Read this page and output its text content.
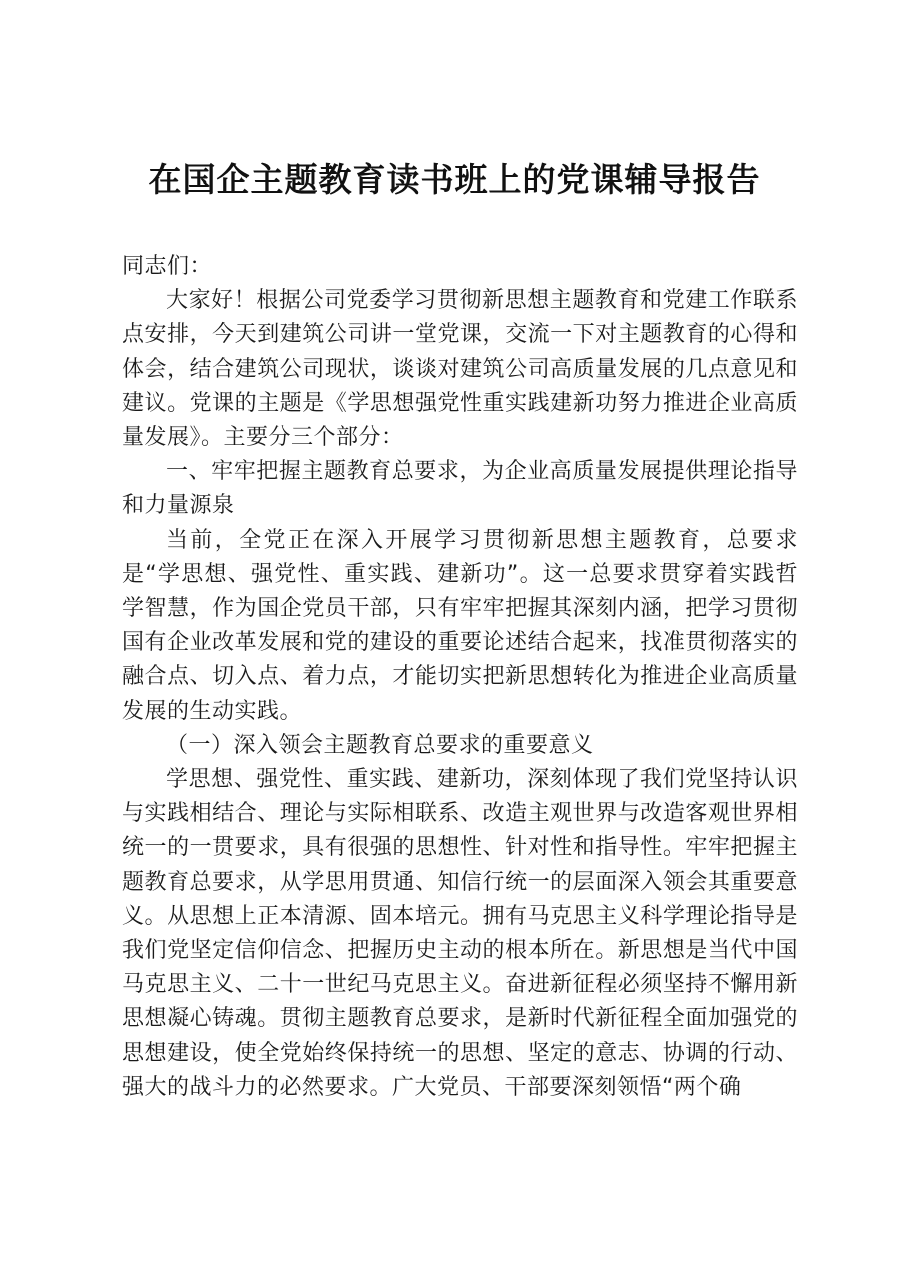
在国企主题教育读书班上的党课辅导报告

同志们：

大家好！根据公司党委学习贯彻新思想主题教育和党建工作联系点安排，今天到建筑公司讲一堂党课，交流一下对主题教育的心得和体会，结合建筑公司现状，谈谈对建筑公司高质量发展的几点意见和建议。党课的主题是《学思想强党性重实践建新功努力推进企业高质量发展》。主要分三个部分：

一、牢牢把握主题教育总要求，为企业高质量发展提供理论指导和力量源泉

当前，全党正在深入开展学习贯彻新思想主题教育，总要求是“学思想、强党性、重实践、建新功”。这一总要求贯穿着实践哲学智慧，作为国企党员干部，只有牢牢把握其深刻内涵，把学习贯彻国有企业改革发展和党的建设的重要论述结合起来，找准贯彻落实的融合点、切入点、着力点，才能切实把新思想转化为推进企业高质量发展的生动实践。

（一）深入领会主题教育总要求的重要意义

学思想、强党性、重实践、建新功，深刻体现了我们党坚持认识与实践相结合、理论与实际相联系、改造主观世界与改造客观世界相统一的一贯要求，具有很强的思想性、针对性和指导性。牢牢把握主题教育总要求，从学思用贯通、知信行统一的层面深入领会其重要意义。从思想上正本清源、固本培元。拥有马克思主义科学理论指导是我们党坚定信仰信念、把握历史主动的根本所在。新思想是当代中国马克思主义、二十一世纪马克思主义。奋进新征程必须坚持不懈用新思想凝心铸魂。贯彻主题教育总要求，是新时代新征程全面加强党的思想建设，使全党始终保持统一的思想、坚定的意志、协调的行动、强大的战斗力的必然要求。广大党员、干部要深刻领悟“两个确
